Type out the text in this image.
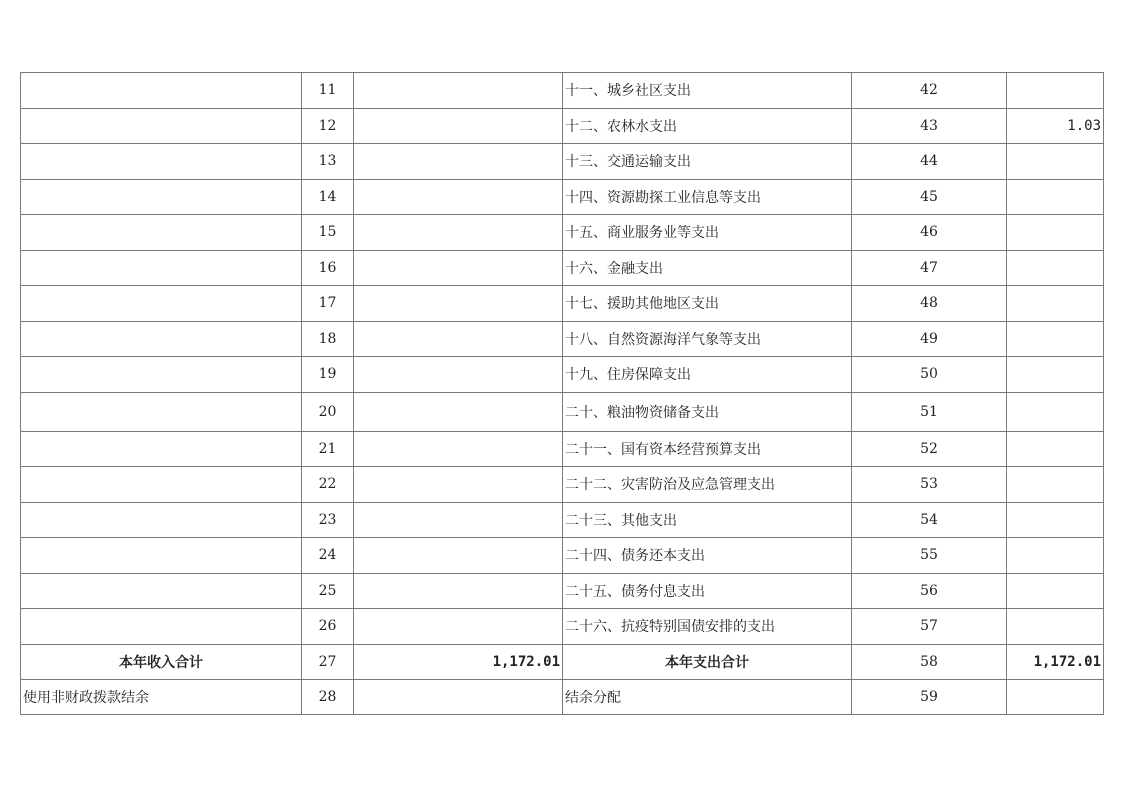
	11		十一、城乡社区支出	42	
	12		十二、农林水支出	43	1.03
	13		十三、交通运输支出	44	
	14		十四、资源勘探工业信息等支出	45	
	15		十五、商业服务业等支出	46	
	16		十六、金融支出	47	
	17		十七、援助其他地区支出	48	
	18		十八、自然资源海洋气象等支出	49	
	19		十九、住房保障支出	50	
	20		二十、粮油物资储备支出	51	
	21		二十一、国有资本经营预算支出	52	
	22		二十二、灾害防治及应急管理支出	53	
	23		二十三、其他支出	54	
	24		二十四、债务还本支出	55	
	25		二十五、债务付息支出	56	
	26		二十六、抗疫特别国债安排的支出	57	
本年收入合计	27	1,172.01	本年支出合计	58	1,172.01
使用非财政拨款结余	28		结余分配	59	
